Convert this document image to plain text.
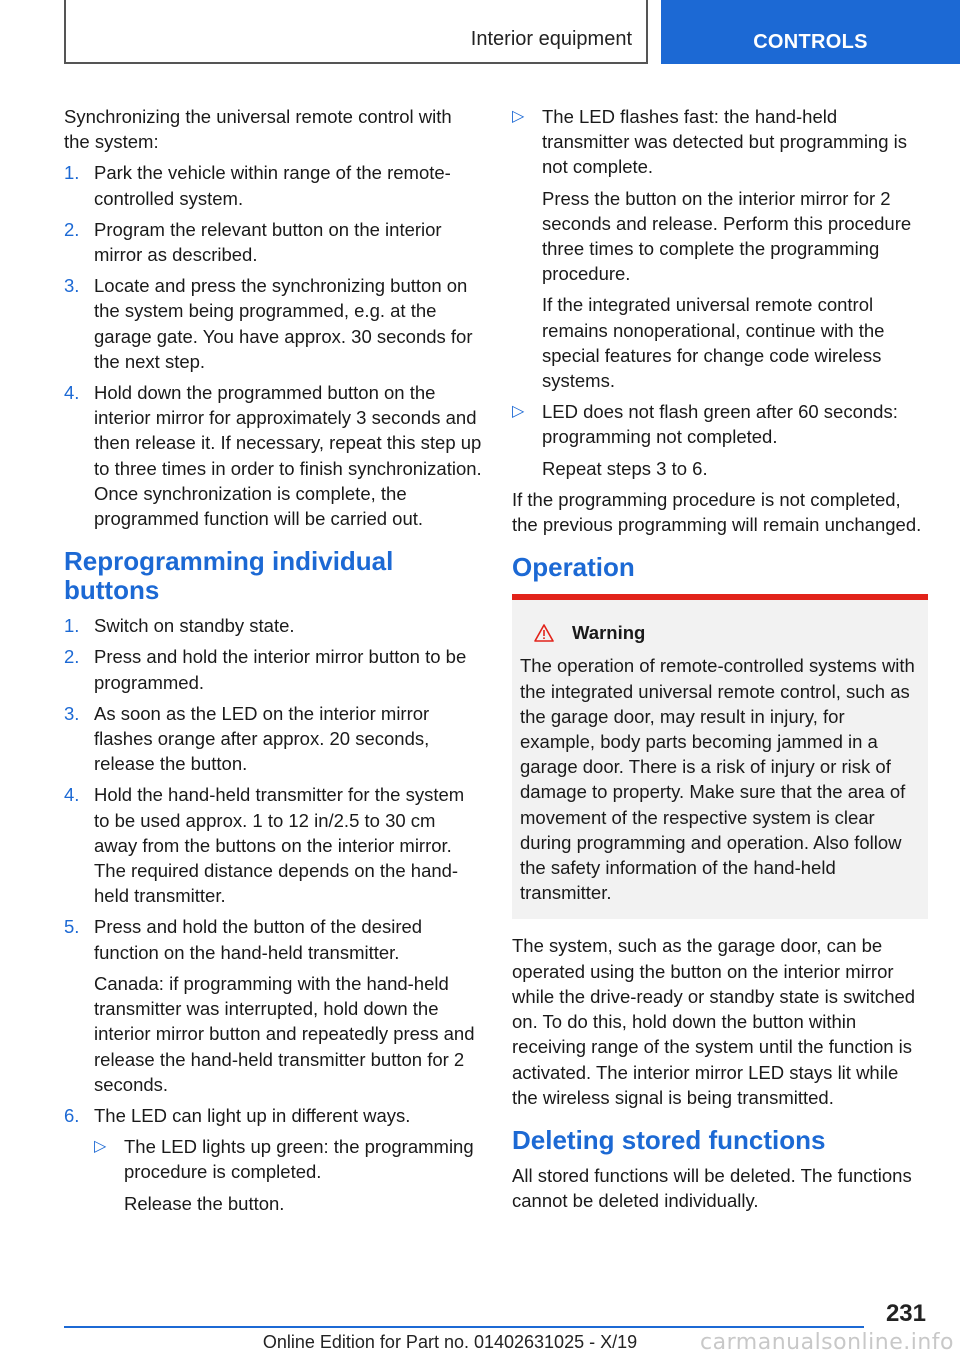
Interior equipment	CONTROLS

Synchronizing the universal remote control with the system:

1. Park the vehicle within range of the remote-controlled system.
2. Program the relevant button on the interior mirror as described.
3. Locate and press the synchronizing button on the system being programmed, e.g. at the garage gate. You have approx. 30 seconds for the next step.
4. Hold down the programmed button on the interior mirror for approximately 3 seconds and then release it. If necessary, repeat this step up to three times in order to finish synchronization. Once synchronization is complete, the programmed function will be carried out.
Reprogramming individual buttons
1. Switch on standby state.
2. Press and hold the interior mirror button to be programmed.
3. As soon as the LED on the interior mirror flashes orange after approx. 20 seconds, release the button.
4. Hold the hand-held transmitter for the system to be used approx. 1 to 12 in/2.5 to 30 cm away from the buttons on the interior mirror. The required distance depends on the hand-held transmitter.
5. Press and hold the button of the desired function on the hand-held transmitter.

Canada: if programming with the hand-held transmitter was interrupted, hold down the interior mirror button and repeatedly press and release the hand-held transmitter button for 2 seconds.

6. The LED can light up in different ways.
▷ The LED lights up green: the programming procedure is completed.

Release the button.

▷ The LED flashes fast: the hand-held transmitter was detected but programming is not complete.

Press the button on the interior mirror for 2 seconds and release. Perform this procedure three times to complete the programming procedure.

If the integrated universal remote control remains nonoperational, continue with the special features for change code wireless systems.

▷ LED does not flash green after 60 seconds: programming not completed.

Repeat steps 3 to 6.

If the programming procedure is not completed, the previous programming will remain unchanged.

Operation
Warning

The operation of remote-controlled systems with the integrated universal remote control, such as the garage door, may result in injury, for example, body parts becoming jammed in a garage door. There is a risk of injury or risk of damage to property. Make sure that the area of movement of the respective system is clear during programming and operation. Also follow the safety information of the hand-held transmitter.

The system, such as the garage door, can be operated using the button on the interior mirror while the drive-ready or standby state is switched on. To do this, hold down the button within receiving range of the system until the function is activated. The interior mirror LED stays lit while the wireless signal is being transmitted.

Deleting stored functions

All stored functions will be deleted. The functions cannot be deleted individually.

231
Online Edition for Part no. 01402631025 - X/19	carmanualsonline.info
